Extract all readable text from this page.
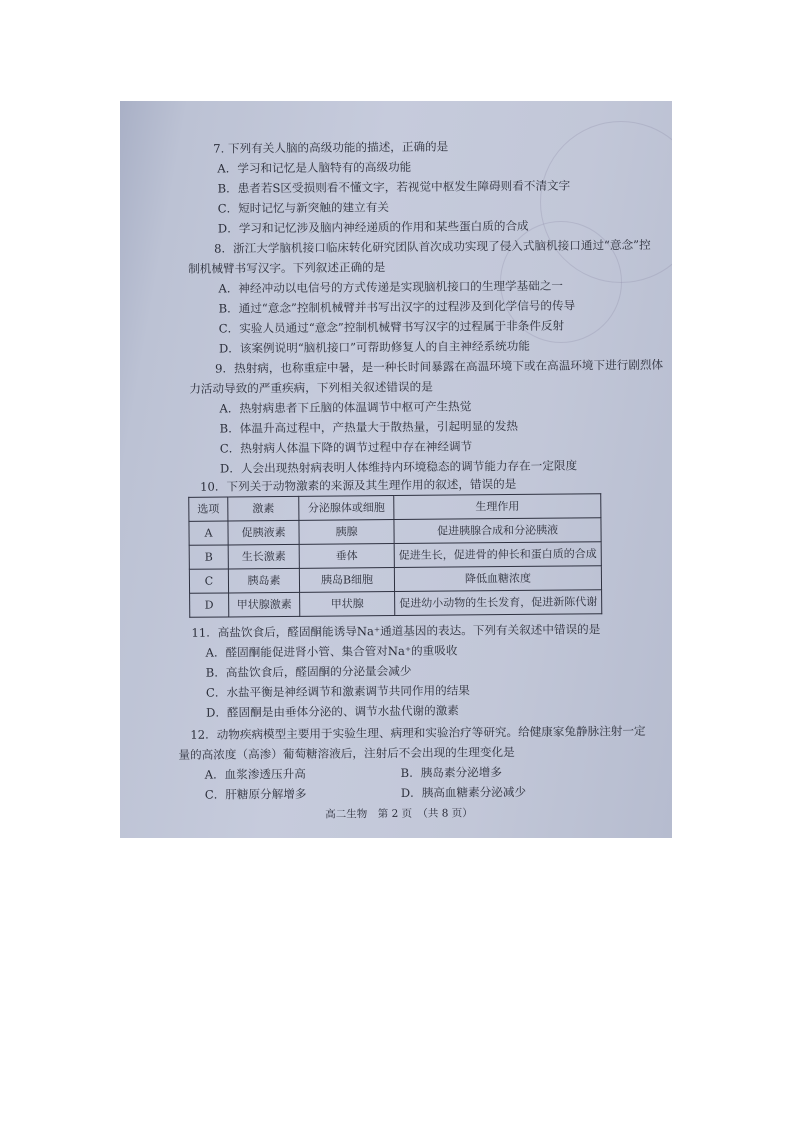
7. 下列有关人脑的高级功能的描述，正确的是
A．学习和记忆是人脑特有的高级功能
B．患者若S区受损则看不懂文字，若视觉中枢发生障碍则看不清文字
C．短时记忆与新突触的建立有关
D．学习和记忆涉及脑内神经递质的作用和某些蛋白质的合成
8．浙江大学脑机接口临床转化研究团队首次成功实现了侵入式脑机接口通过“意念”控
制机械臂书写汉字。下列叙述正确的是
A．神经冲动以电信号的方式传递是实现脑机接口的生理学基础之一
B．通过“意念”控制机械臂并书写出汉字的过程涉及到化学信号的传导
C．实验人员通过“意念”控制机械臂书写汉字的过程属于非条件反射
D．该案例说明“脑机接口”可帮助修复人的自主神经系统功能
9．热射病，也称重症中暑，是一种长时间暴露在高温环境下或在高温环境下进行剧烈体
力活动导致的严重疾病，下列相关叙述错误的是
A．热射病患者下丘脑的体温调节中枢可产生热觉
B．体温升高过程中，产热量大于散热量，引起明显的发热
C．热射病人体温下降的调节过程中存在神经调节
D．人会出现热射病表明人体维持内环境稳态的调节能力存在一定限度
10．下列关于动物激素的来源及其生理作用的叙述，错误的是
选项	激素	分泌腺体或细胞	生理作用
A	促胰液素	胰腺	促进胰腺合成和分泌胰液
B	生长激素	垂体	促进生长，促进骨的伸长和蛋白质的合成
C	胰岛素	胰岛B细胞	降低血糖浓度
D	甲状腺激素	甲状腺	促进幼小动物的生长发育，促进新陈代谢
11．高盐饮食后，醛固酮能诱导Na⁺通道基因的表达。下列有关叙述中错误的是
A．醛固酮能促进肾小管、集合管对Na⁺的重吸收
B．高盐饮食后，醛固酮的分泌量会减少
C．水盐平衡是神经调节和激素调节共同作用的结果
D．醛固酮是由垂体分泌的、调节水盐代谢的激素
12．动物疾病模型主要用于实验生理、病理和实验治疗等研究。给健康家兔静脉注射一定
量的高浓度（高渗）葡萄糖溶液后，注射后不会出现的生理变化是
A．血浆渗透压升高	B．胰岛素分泌增多
C．肝糖原分解增多	D．胰高血糖素分泌减少
高二生物　第 2 页　（共 8 页）
